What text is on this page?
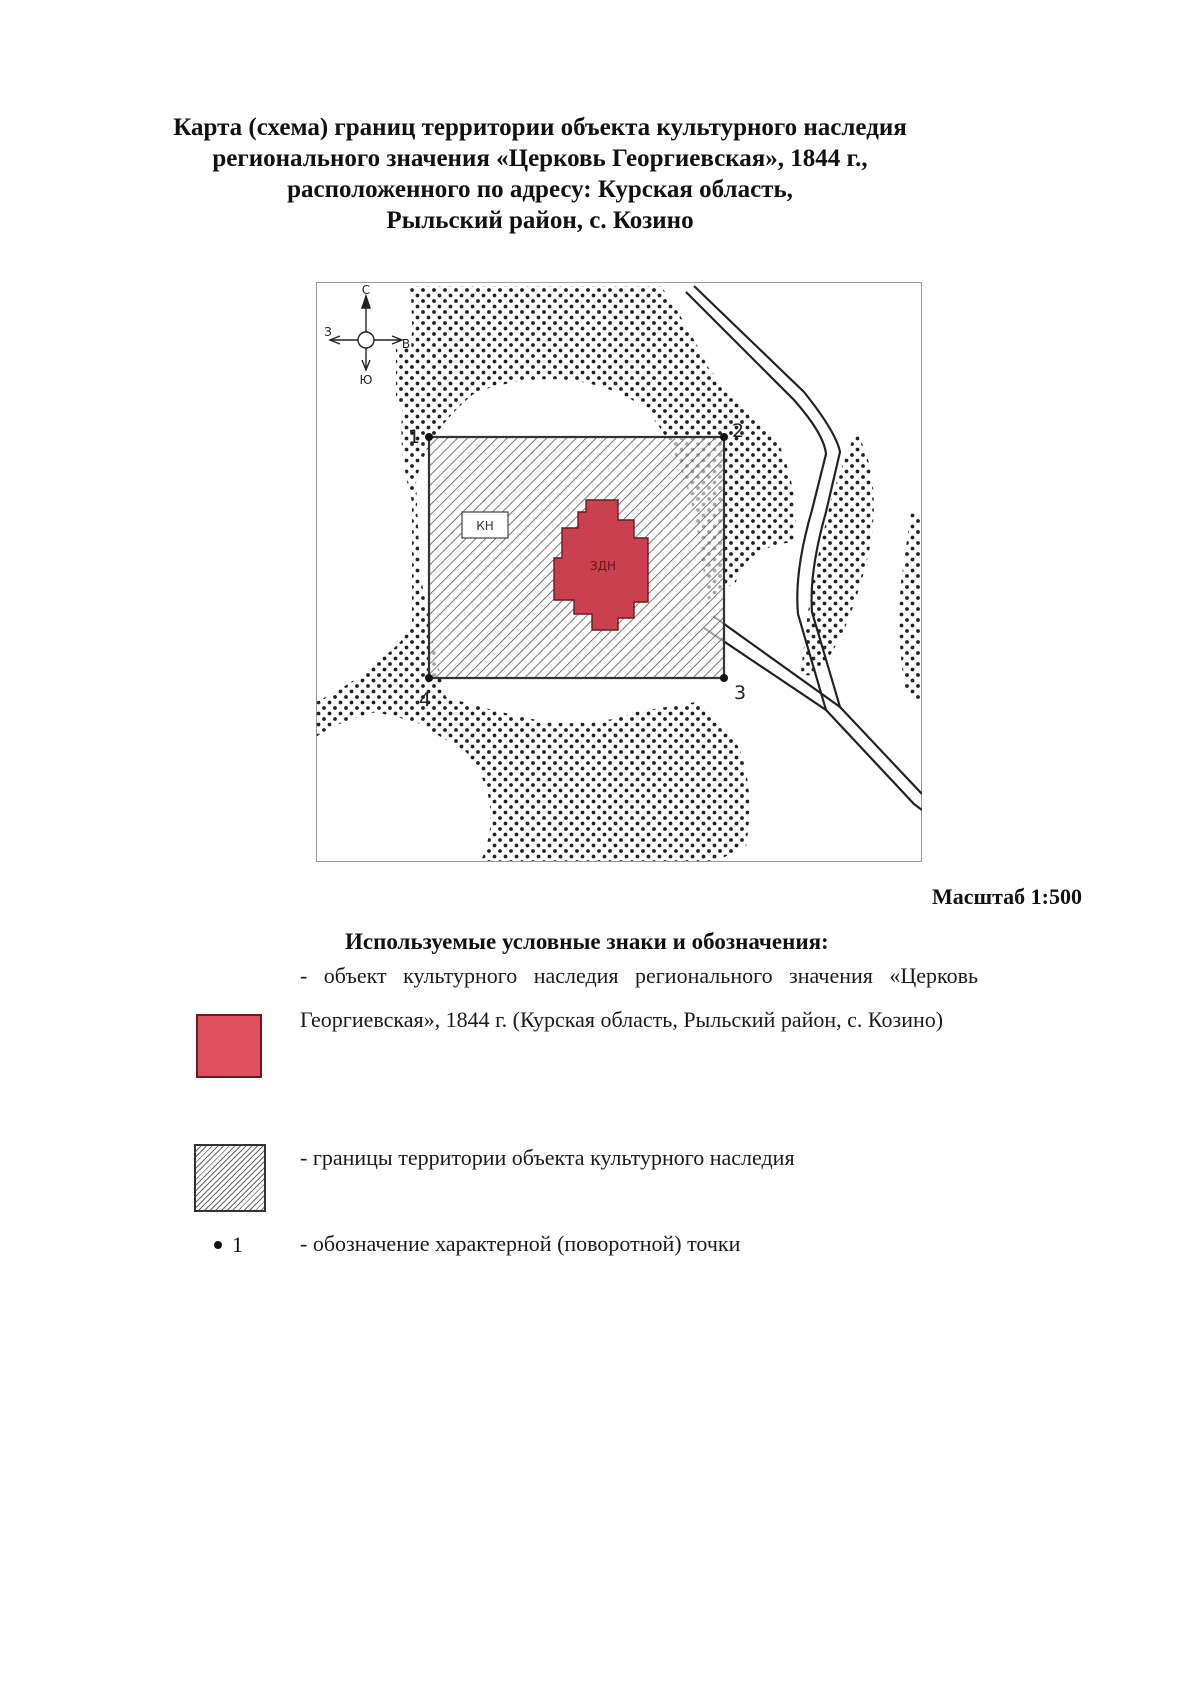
Карта (схема) границ территории объекта культурного наследия
регионального значения «Церковь Георгиевская», 1844 г.,
расположенного по адресу: Курская область,
Рыльский район, с. Козино
КН
ЗДН
1	2
3
4
С
Ю
З
В
Масштаб 1:500
Используемые условные знаки и обозначения:
- объект культурного наследия регионального значения «Церковь Георгиевская», 1844 г. (Курская область, Рыльский район, с. Козино)
- границы территории объекта культурного наследия
1	- обозначение характерной (поворотной) точки
